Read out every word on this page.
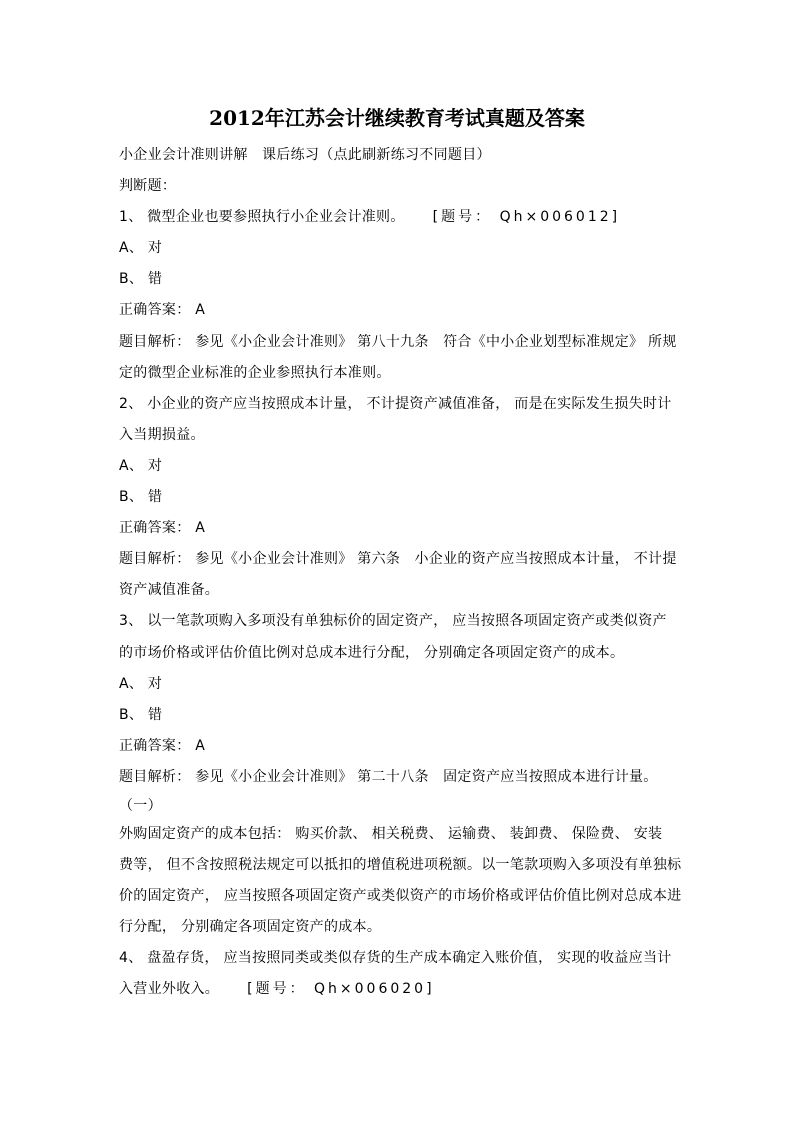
2012年江苏会计继续教育考试真题及答案
小企业会计准则讲解　课后练习（点此刷新练习不同题目）
判断题：
1、 微型企业也要参照执行小企业会计准则。 [题号： Qh×006012]
A、 对
B、 错
正确答案： A
题目解析： 参见《小企业会计准则》 第八十九条　符合《中小企业划型标准规定》 所规
定的微型企业标准的企业参照执行本准则。
2、 小企业的资产应当按照成本计量， 不计提资产减值准备， 而是在实际发生损失时计
入当期损益。
A、 对
B、 错
正确答案： A
题目解析： 参见《小企业会计准则》 第六条　小企业的资产应当按照成本计量， 不计提
资产减值准备。
3、 以一笔款项购入多项没有单独标价的固定资产， 应当按照各项固定资产或类似资产
的市场价格或评估价值比例对总成本进行分配， 分别确定各项固定资产的成本。
A、 对
B、 错
正确答案： A
题目解析： 参见《小企业会计准则》 第二十八条　固定资产应当按照成本进行计量。
（一）
外购固定资产的成本包括： 购买价款、 相关税费、 运输费、 装卸费、 保险费、 安装
费等， 但不含按照税法规定可以抵扣的增值税进项税额。以一笔款项购入多项没有单独标
价的固定资产， 应当按照各项固定资产或类似资产的市场价格或评估价值比例对总成本进
行分配， 分别确定各项固定资产的成本。
4、 盘盈存货， 应当按照同类或类似存货的生产成本确定入账价值， 实现的收益应当计
入营业外收入。 [题号： Qh×006020]
